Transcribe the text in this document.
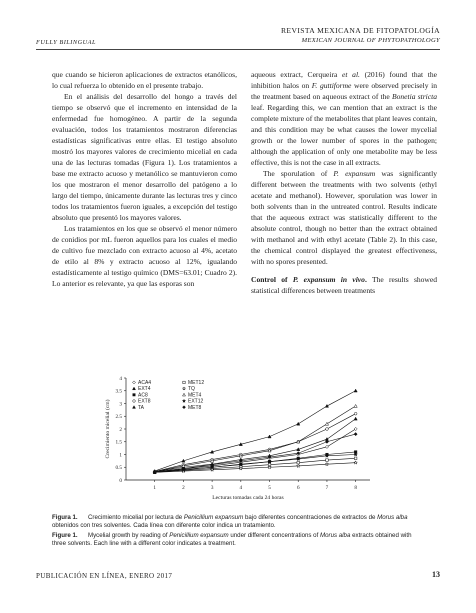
FULLY BILINGUAL
REVISTA MEXICANA DE FITOPATOLOGÍA
MEXICAN JOURNAL OF PHYTOPATHOLOGY

que cuando se hicieron aplicaciones de extractos etanólicos, lo cual refuerza lo obtenido en el presente trabajo.

En el análisis del desarrollo del hongo a través del tiempo se observó que el incremento en intensidad de la enfermedad fue homogéneo. A partir de la segunda evaluación, todos los tratamientos mostraron diferencias estadísticas significativas entre ellas. El testigo absoluto mostró los mayores valores de crecimiento micelial en cada una de las lecturas tomadas (Figura 1). Los tratamientos a base me extracto acuoso y metanólico se mantuvieron como los que mostraron el menor desarrollo del patógeno a lo largo del tiempo, únicamente durante las lecturas tres y cinco todos los tratamientos fueron iguales, a excepción del testigo absoluto que presentó los mayores valores.

Los tratamientos en los que se observó el menor número de conidios por mL fueron aquellos para los cuales el medio de cultivo fue mezclado con extracto acuoso al 4%, acetato de etilo al 8% y extracto acuoso al 12%, igualando estadísticamente al testigo químico (DMS=63.01; Cuadro 2). Lo anterior es relevante, ya que las esporas son

aqueous extract, Cerqueira et al. (2016) found that the inhibition halos on F. guttiforme were observed precisely in the treatment based on aqueous extract of the Bonetia stricta leaf. Regarding this, we can mention that an extract is the complete mixture of the metabolites that plant leaves contain, and this condition may be what causes the lower mycelial growth or the lower number of spores in the pathogen; although the application of only one metabolite may be less effective, this is not the case in all extracts.

The sporulation of P. expansum was significantly different between the treatments with two solvents (ethyl acetate and methanol). However, sporulation was lower in both solvents than in the untreated control. Results indicate that the aqueous extract was statistically different to the absolute control, though no better than the extract obtained with methanol and with ethyl acetate (Table 2). In this case, the chemical control displayed the greatest effectiveness, with no spores presented.

Control of P. expansum in vivo. The results showed statistical differences between treatments

0
0.5
1
1.5
2
2.5
3
3.5
4
1	2	3	4	5	6	7	8
Lecturas tomadas cada 24 horas
Crecimiento micelial (cm)
ACA4
EXT4
AC8
EXT8
TA
MET12
TQ
MET4
EXT12
MET8
Figura 1. Crecimiento micelial por lectura de Penicillium expansum bajo diferentes concentraciones de extractos de Morus alba obtenidos con tres solventes. Cada línea con diferente color indica un tratamiento.
Figure 1. Mycelial growth by reading of Penicillium expansum under different concentrations of Morus alba extracts obtained with three solvents. Each line with a different color indicates a treatment.
PUBLICACIÓN EN LÍNEA, ENERO 2017	13
